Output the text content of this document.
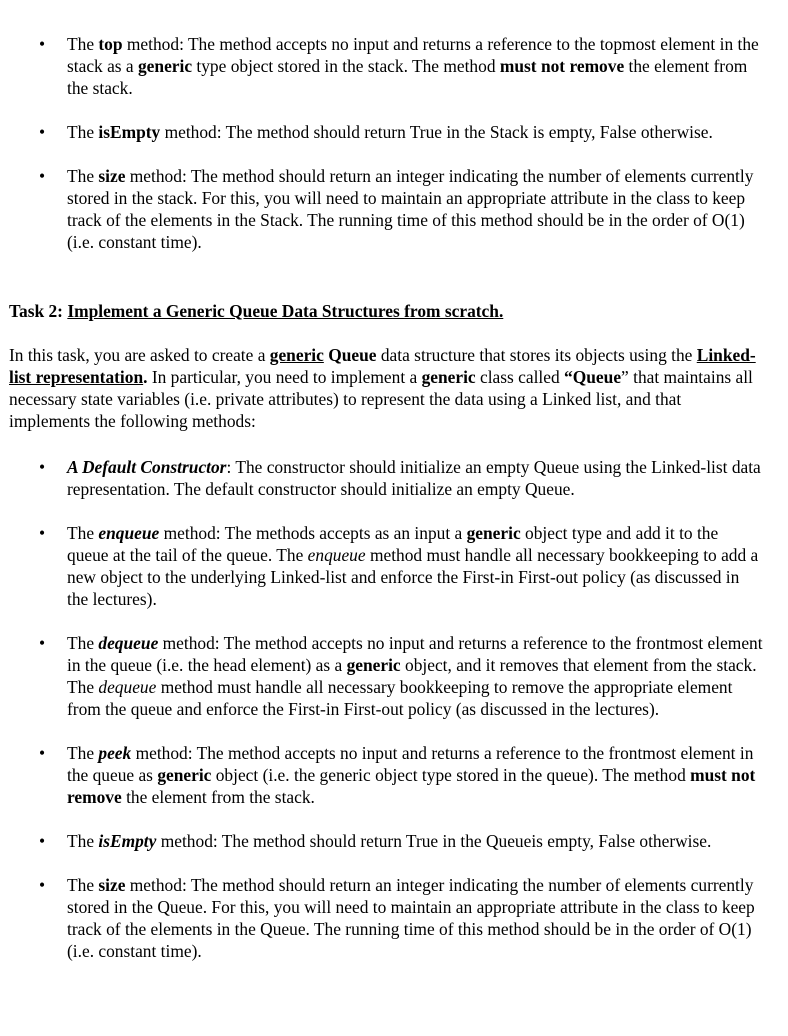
• The top method: The method accepts no input and returns a reference to the topmost element in the stack as a generic type object stored in the stack. The method must not remove the element from the stack.
• The isEmpty method: The method should return True in the Stack is empty, False otherwise.
• The size method: The method should return an integer indicating the number of elements currently stored in the stack. For this, you will need to maintain an appropriate attribute in the class to keep track of the elements in the Stack. The running time of this method should be in the order of O(1) (i.e. constant time).

Task 2: Implement a Generic Queue Data Structures from scratch.

In this task, you are asked to create a generic Queue data structure that stores its objects using the Linked-list representation. In particular, you need to implement a generic class called “Queue” that maintains all necessary state variables (i.e. private attributes) to represent the data using a Linked list, and that implements the following methods:

• A Default Constructor: The constructor should initialize an empty Queue using the Linked-list data representation. The default constructor should initialize an empty Queue.
• The enqueue method: The methods accepts as an input a generic object type and add it to the queue at the tail of the queue. The enqueue method must handle all necessary bookkeeping to add a new object to the underlying Linked-list and enforce the First-in First-out policy (as discussed in the lectures).
• The dequeue method: The method accepts no input and returns a reference to the frontmost element in the queue (i.e. the head element) as a generic object, and it removes that element from the stack. The dequeue method must handle all necessary bookkeeping to remove the appropriate element from the queue and enforce the First-in First-out policy (as discussed in the lectures).
• The peek method: The method accepts no input and returns a reference to the frontmost element in the queue as generic object (i.e. the generic object type stored in the queue). The method must not remove the element from the stack.
• The isEmpty method: The method should return True in the Queueis empty, False otherwise.
• The size method: The method should return an integer indicating the number of elements currently stored in the Queue. For this, you will need to maintain an appropriate attribute in the class to keep track of the elements in the Queue. The running time of this method should be in the order of O(1) (i.e. constant time).
